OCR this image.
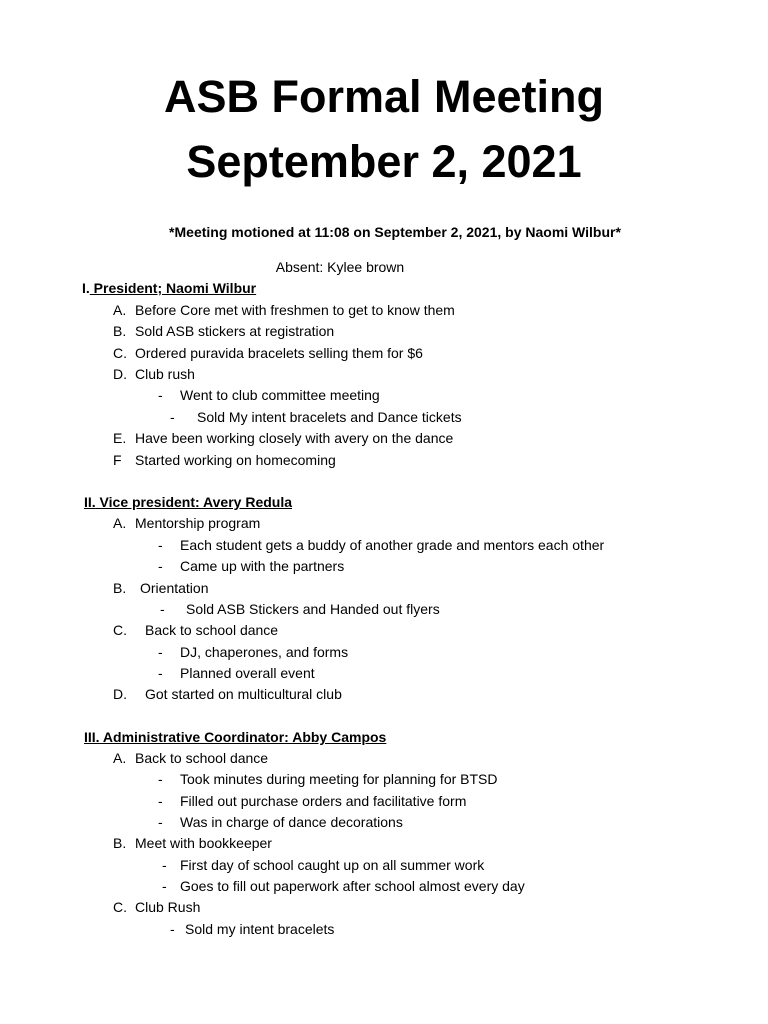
ASB Formal Meeting
September 2, 2021
*Meeting motioned at 11:08 on September 2, 2021, by Naomi Wilbur*
Absent: Kylee brown
I. President; Naomi Wilbur
A. Before Core met with freshmen to get to know them
B. Sold ASB stickers at registration
C. Ordered puravida bracelets selling them for $6
D. Club rush
- Went to club committee meeting
- Sold My intent bracelets and Dance tickets
E. Have been working closely with avery on the dance
F Started working on homecoming
II. Vice president: Avery Redula
A. Mentorship program
- Each student gets a buddy of another grade and mentors each other
- Came up with the partners
B. Orientation
- Sold ASB Stickers and Handed out flyers
C. Back to school dance
- DJ, chaperones, and forms
- Planned overall event
D. Got started on multicultural club
III. Administrative Coordinator: Abby Campos
A. Back to school dance
- Took minutes during meeting for planning for BTSD
- Filled out purchase orders and facilitative form
- Was in charge of dance decorations
B. Meet with bookkeeper
- First day of school caught up on all summer work
- Goes to fill out paperwork after school almost every day
C. Club Rush
- Sold my intent bracelets
